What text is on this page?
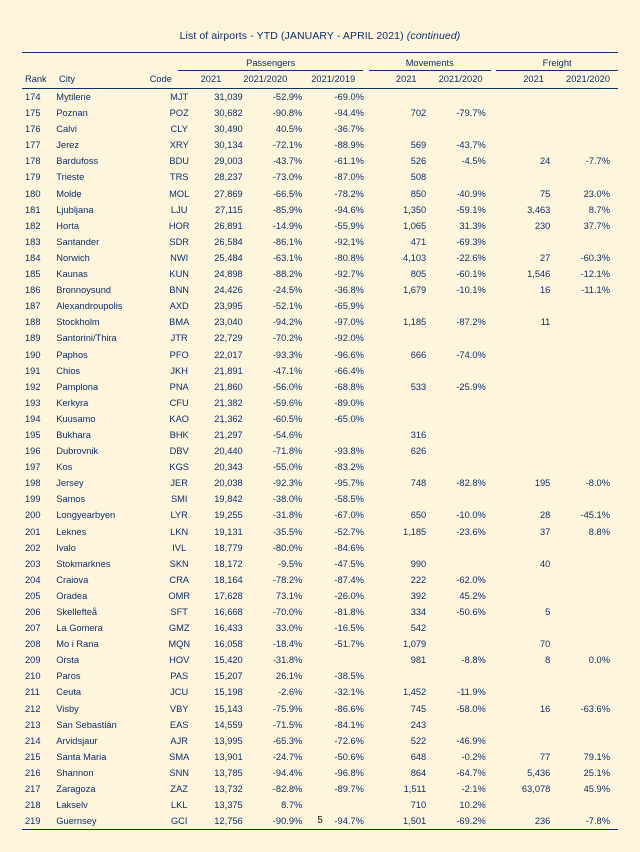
List of airports - YTD (JANUARY - APRIL 2021) (continued)
			Passengers				Movements			Freight	
Rank	City	Code	2021	2021/2020	2021/2019		2021	2021/2020		2021	2021/2020
174	Mytilene	MJT	31,039	-52.9%	-69.0%						
175	Poznan	POZ	30,682	-90.8%	-94.4%		702	-79.7%			
176	Calvi	CLY	30,490	40.5%	-36.7%						
177	Jerez	XRY	30,134	-72.1%	-88.9%		569	-43.7%			
178	Bardufoss	BDU	29,003	-43.7%	-61.1%		526	-4.5%		24	-7.7%
179	Trieste	TRS	28,237	-73.0%	-87.0%		508				
180	Molde	MOL	27,869	-66.5%	-78.2%		850	-40.9%		75	23.0%
181	Ljubljana	LJU	27,115	-85.9%	-94.6%		1,350	-59.1%		3,463	8.7%
182	Horta	HOR	26,891	-14.9%	-55.9%		1,065	31.3%		230	37.7%
183	Santander	SDR	26,584	-86.1%	-92.1%		471	-69.3%			
184	Norwich	NWI	25,484	-63.1%	-80.8%		4,103	-22.6%		27	-60.3%
185	Kaunas	KUN	24,898	-88.2%	-92.7%		805	-60.1%		1,546	-12.1%
186	Bronnoysund	BNN	24,426	-24.5%	-36.8%		1,679	-10.1%		16	-11.1%
187	Alexandroupolis	AXD	23,995	-52.1%	-65.9%						
188	Stockholm	BMA	23,040	-94.2%	-97.0%		1,185	-87.2%		11	
189	Santorini/Thira	JTR	22,729	-70.2%	-92.0%						
190	Paphos	PFO	22,017	-93.3%	-96.6%		666	-74.0%			
191	Chios	JKH	21,891	-47.1%	-66.4%						
192	Pamplona	PNA	21,860	-56.0%	-68.8%		533	-25.9%			
193	Kerkyra	CFU	21,382	-59.6%	-89.0%						
194	Kuusamo	KAO	21,362	-60.5%	-65.0%						
195	Bukhara	BHK	21,297	-54.6%			316				
196	Dubrovnik	DBV	20,440	-71.8%	-93.8%		626				
197	Kos	KGS	20,343	-55.0%	-83.2%						
198	Jersey	JER	20,038	-92.3%	-95.7%		748	-82.8%		195	-8.0%
199	Samos	SMI	19,842	-38.0%	-58.5%						
200	Longyearbyen	LYR	19,255	-31.8%	-67.0%		650	-10.0%		28	-45.1%
201	Leknes	LKN	19,131	-35.5%	-52.7%		1,185	-23.6%		37	8.8%
202	Ivalo	IVL	18,779	-80.0%	-84.6%						
203	Stokmarknes	SKN	18,172	-9.5%	-47.5%		990			40	
204	Craiova	CRA	18,164	-78.2%	-87.4%		222	-62.0%			
205	Oradea	OMR	17,628	73.1%	-26.0%		392	45.2%			
206	Skellefteå	SFT	16,668	-70.0%	-81.8%		334	-50.6%		5	
207	La Gomera	GMZ	16,433	33.0%	-16.5%		542				
208	Mo i Rana	MQN	16,058	-18.4%	-51.7%		1,079			70	
209	Orsta	HOV	15,420	-31.8%			981	-8.8%		8	0.0%
210	Paros	PAS	15,207	26.1%	-38.5%						
211	Ceuta	JCU	15,198	-2.6%	-32.1%		1,452	-11.9%			
212	Visby	VBY	15,143	-75.9%	-86.6%		745	-58.0%		16	-63.6%
213	San Sebastián	EAS	14,559	-71.5%	-84.1%		243				
214	Arvidsjaur	AJR	13,995	-65.3%	-72.6%		522	-46.9%			
215	Santa Maria	SMA	13,901	-24.7%	-50.6%		648	-0.2%		77	79.1%
216	Shannon	SNN	13,785	-94.4%	-96.8%		864	-64.7%		5,436	25.1%
217	Zaragoza	ZAZ	13,732	-82.8%	-89.7%		1,511	-2.1%		63,078	45.9%
218	Lakselv	LKL	13,375	8.7%			710	10.2%			
219	Guernsey	GCI	12,756	-90.9%	-94.7%		1,501	-69.2%		236	-7.8%
5
